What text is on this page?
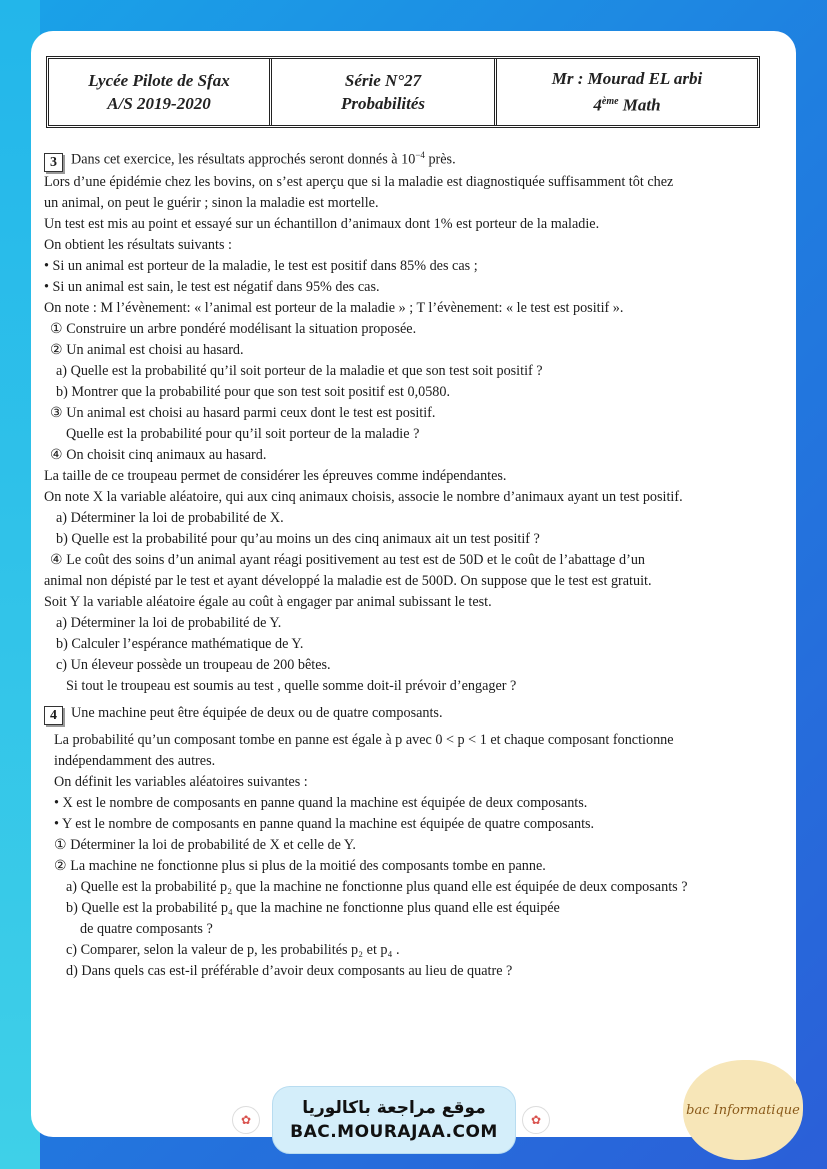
Lycée Pilote de Sfax
A/S 2019-2020
Série N°27
Probabilités
Mr : Mourad EL arbi
4ème Math
3 Dans cet exercice, les résultats approchés seront donnés à $10^{-4}$ près.
Lors d’une épidémie chez les bovins, on s’est aperçu que si la maladie est diagnostiquée suffisamment tôt chez
un animal, on peut le guérir ; sinon la maladie est mortelle.
Un test est mis au point et essayé sur un échantillon d’animaux dont 1% est porteur de la maladie.
On obtient les résultats suivants :
• Si un animal est porteur de la maladie, le test est positif dans 85% des cas ;
• Si un animal est sain, le test est négatif dans 95% des cas.
On note : M l’évènement: « l’animal est porteur de la maladie » ; T l’évènement: « le test est positif ».
① Construire un arbre pondéré modélisant la situation proposée.
② Un animal est choisi au hasard.
a) Quelle est la probabilité qu’il soit porteur de la maladie et que son test soit positif ?
b) Montrer que la probabilité pour que son test soit positif est 0,0580.
③ Un animal est choisi au hasard parmi ceux dont le test est positif.
Quelle est la probabilité pour qu’il soit porteur de la maladie ?
④ On choisit cinq animaux au hasard.
La taille de ce troupeau permet de considérer les épreuves comme indépendantes.
On note X la variable aléatoire, qui aux cinq animaux choisis, associe le nombre d’animaux ayant un test positif.
a) Déterminer la loi de probabilité de X.
b) Quelle est la probabilité pour qu’au moins un des cinq animaux ait un test positif ?
④ Le coût des soins d’un animal ayant réagi positivement au test est de 50D et le coût de l’abattage d’un
animal non dépisté par le test et ayant développé la maladie est de 500D. On suppose que le test est gratuit.
Soit Y la variable aléatoire égale au coût à engager par animal subissant le test.
a) Déterminer la loi de probabilité de Y.
b) Calculer l’espérance mathématique de Y.
c) Un éleveur possède un troupeau de 200 bêtes.
Si tout le troupeau est soumis au test , quelle somme doit-il prévoir d’engager ?
4 Une machine peut être équipée de deux ou de quatre composants.
La probabilité qu’un composant tombe en panne est égale à p avec 0 < p < 1 et chaque composant fonctionne
indépendamment des autres.
On définit les variables aléatoires suivantes :
• X est le nombre de composants en panne quand la machine est équipée de deux composants.
• Y est le nombre de composants en panne quand la machine est équipée de quatre composants.
① Déterminer la loi de probabilité de X et celle de Y.
② La machine ne fonctionne plus si plus de la moitié des composants tombe en panne.
a) Quelle est la probabilité p₂ que la machine ne fonctionne plus quand elle est équipée de deux composants ?
b) Quelle est la probabilité p₄ que la machine ne fonctionne plus quand elle est équipée
de quatre composants ?
c) Comparer, selon la valeur de p, les probabilités p₂ et p₄ .
d) Dans quels cas est-il préférable d’avoir deux composants au lieu de quatre ?
✿
موقع مراجعة باكالوريا
BAC.MOURAJAA.COM
✿
bac Informatique
